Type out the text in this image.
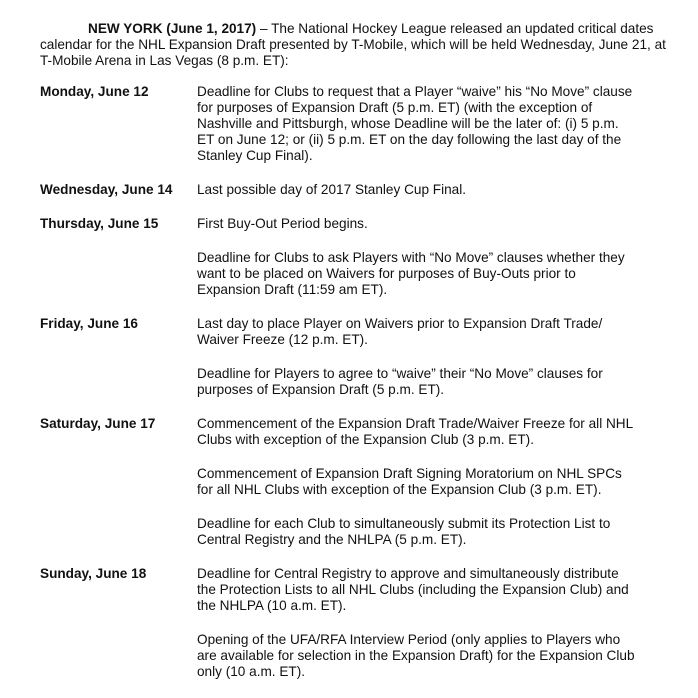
NEW YORK (June 1, 2017) – The National Hockey League released an updated critical dates calendar for the NHL Expansion Draft presented by T-Mobile, which will be held Wednesday, June 21, at T-Mobile Arena in Las Vegas (8 p.m. ET):
Monday, June 12	Deadline for Clubs to request that a Player “waive” his “No Move” clause for purposes of Expansion Draft (5 p.m. ET) (with the exception of Nashville and Pittsburgh, whose Deadline will be the later of: (i) 5 p.m. ET on June 12; or (ii) 5 p.m. ET on the day following the last day of the Stanley Cup Final).

Wednesday, June 14	Last possible day of 2017 Stanley Cup Final.

Thursday, June 15	First Buy-Out Period begins.

Deadline for Clubs to ask Players with “No Move” clauses whether they want to be placed on Waivers for purposes of Buy-Outs prior to Expansion Draft (11:59 am ET).

Friday, June 16	Last day to place Player on Waivers prior to Expansion Draft Trade/ Waiver Freeze (12 p.m. ET).

Deadline for Players to agree to “waive” their “No Move” clauses for purposes of Expansion Draft (5 p.m. ET).

Saturday, June 17	Commencement of the Expansion Draft Trade/Waiver Freeze for all NHL Clubs with exception of the Expansion Club (3 p.m. ET).

Commencement of Expansion Draft Signing Moratorium on NHL SPCs for all NHL Clubs with exception of the Expansion Club (3 p.m. ET).

Deadline for each Club to simultaneously submit its Protection List to Central Registry and the NHLPA (5 p.m. ET).

Sunday, June 18	Deadline for Central Registry to approve and simultaneously distribute the Protection Lists to all NHL Clubs (including the Expansion Club) and the NHLPA (10 a.m. ET).

Opening of the UFA/RFA Interview Period (only applies to Players who are available for selection in the Expansion Draft) for the Expansion Club only (10 a.m. ET).
